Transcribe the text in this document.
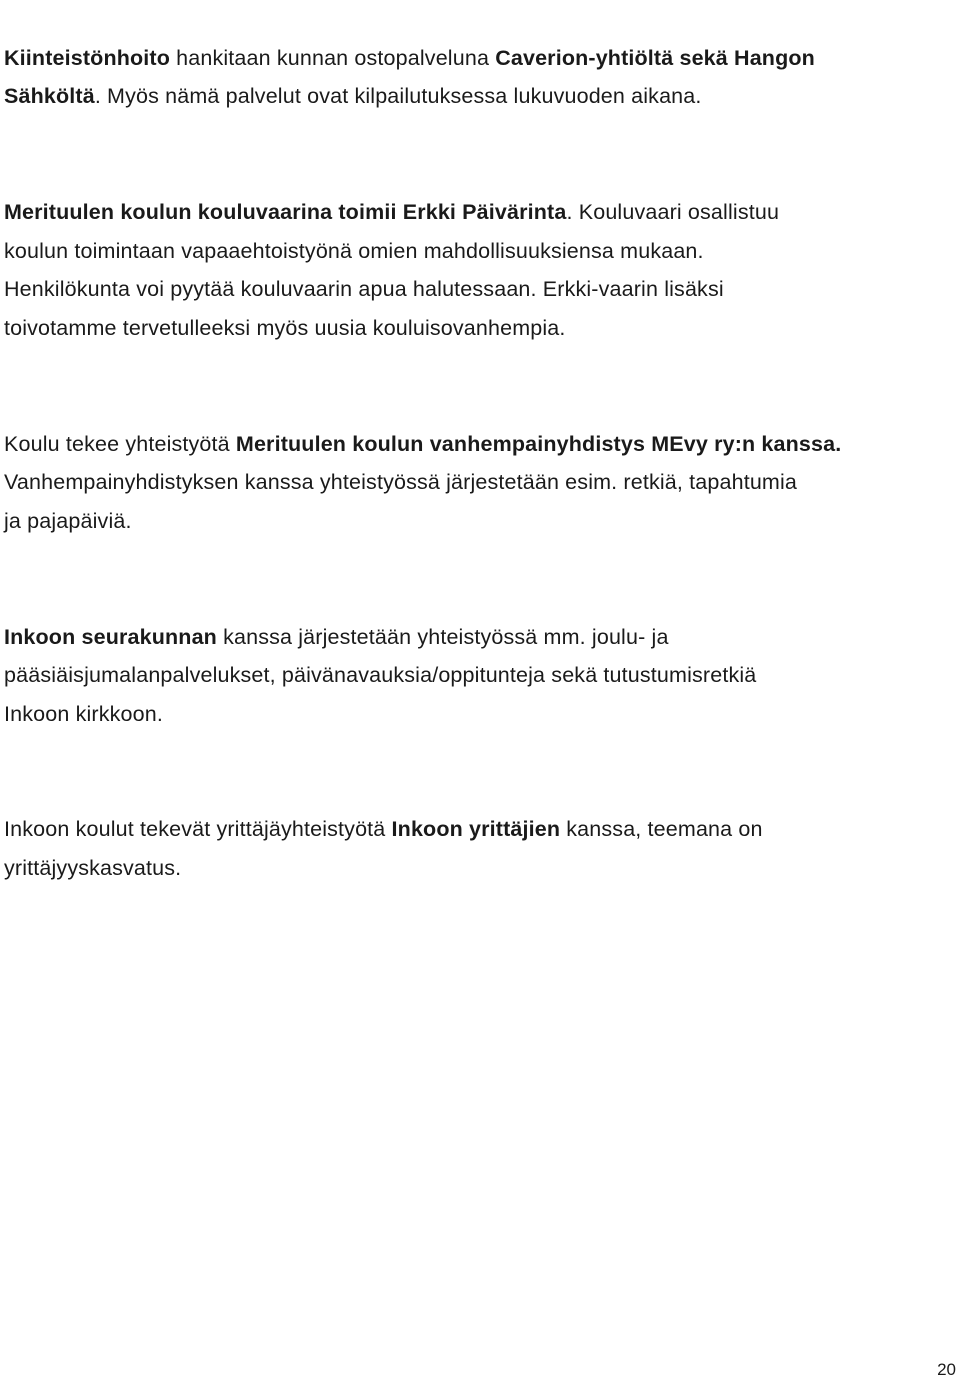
Kiinteistönhoito hankitaan kunnan ostopalveluna Caverion-yhtiöltä sekä Hangon
Sähköltä. Myös nämä palvelut ovat kilpailutuksessa lukuvuoden aikana.

Merituulen koulun kouluvaarina toimii Erkki Päivärinta. Kouluvaari osallistuu
koulun toimintaan vapaaehtoistyönä omien mahdollisuuksiensa mukaan.
Henkilökunta voi pyytää kouluvaarin apua halutessaan. Erkki-vaarin lisäksi
toivotamme tervetulleeksi myös uusia kouluisovanhempia.

Koulu tekee yhteistyötä Merituulen koulun vanhempainyhdistys MEvy ry:n kanssa.
Vanhempainyhdistyksen kanssa yhteistyössä järjestetään esim. retkiä, tapahtumia
ja pajapäiviä.

Inkoon seurakunnan kanssa järjestetään yhteistyössä mm. joulu- ja
pääsiäisjumalanpalvelukset, päivänavauksia/oppitunteja sekä tutustumisretkiä
Inkoon kirkkoon.

Inkoon koulut tekevät yrittäjäyhteistyötä Inkoon yrittäjien kanssa, teemana on
yrittäjyyskasvatus.

20
